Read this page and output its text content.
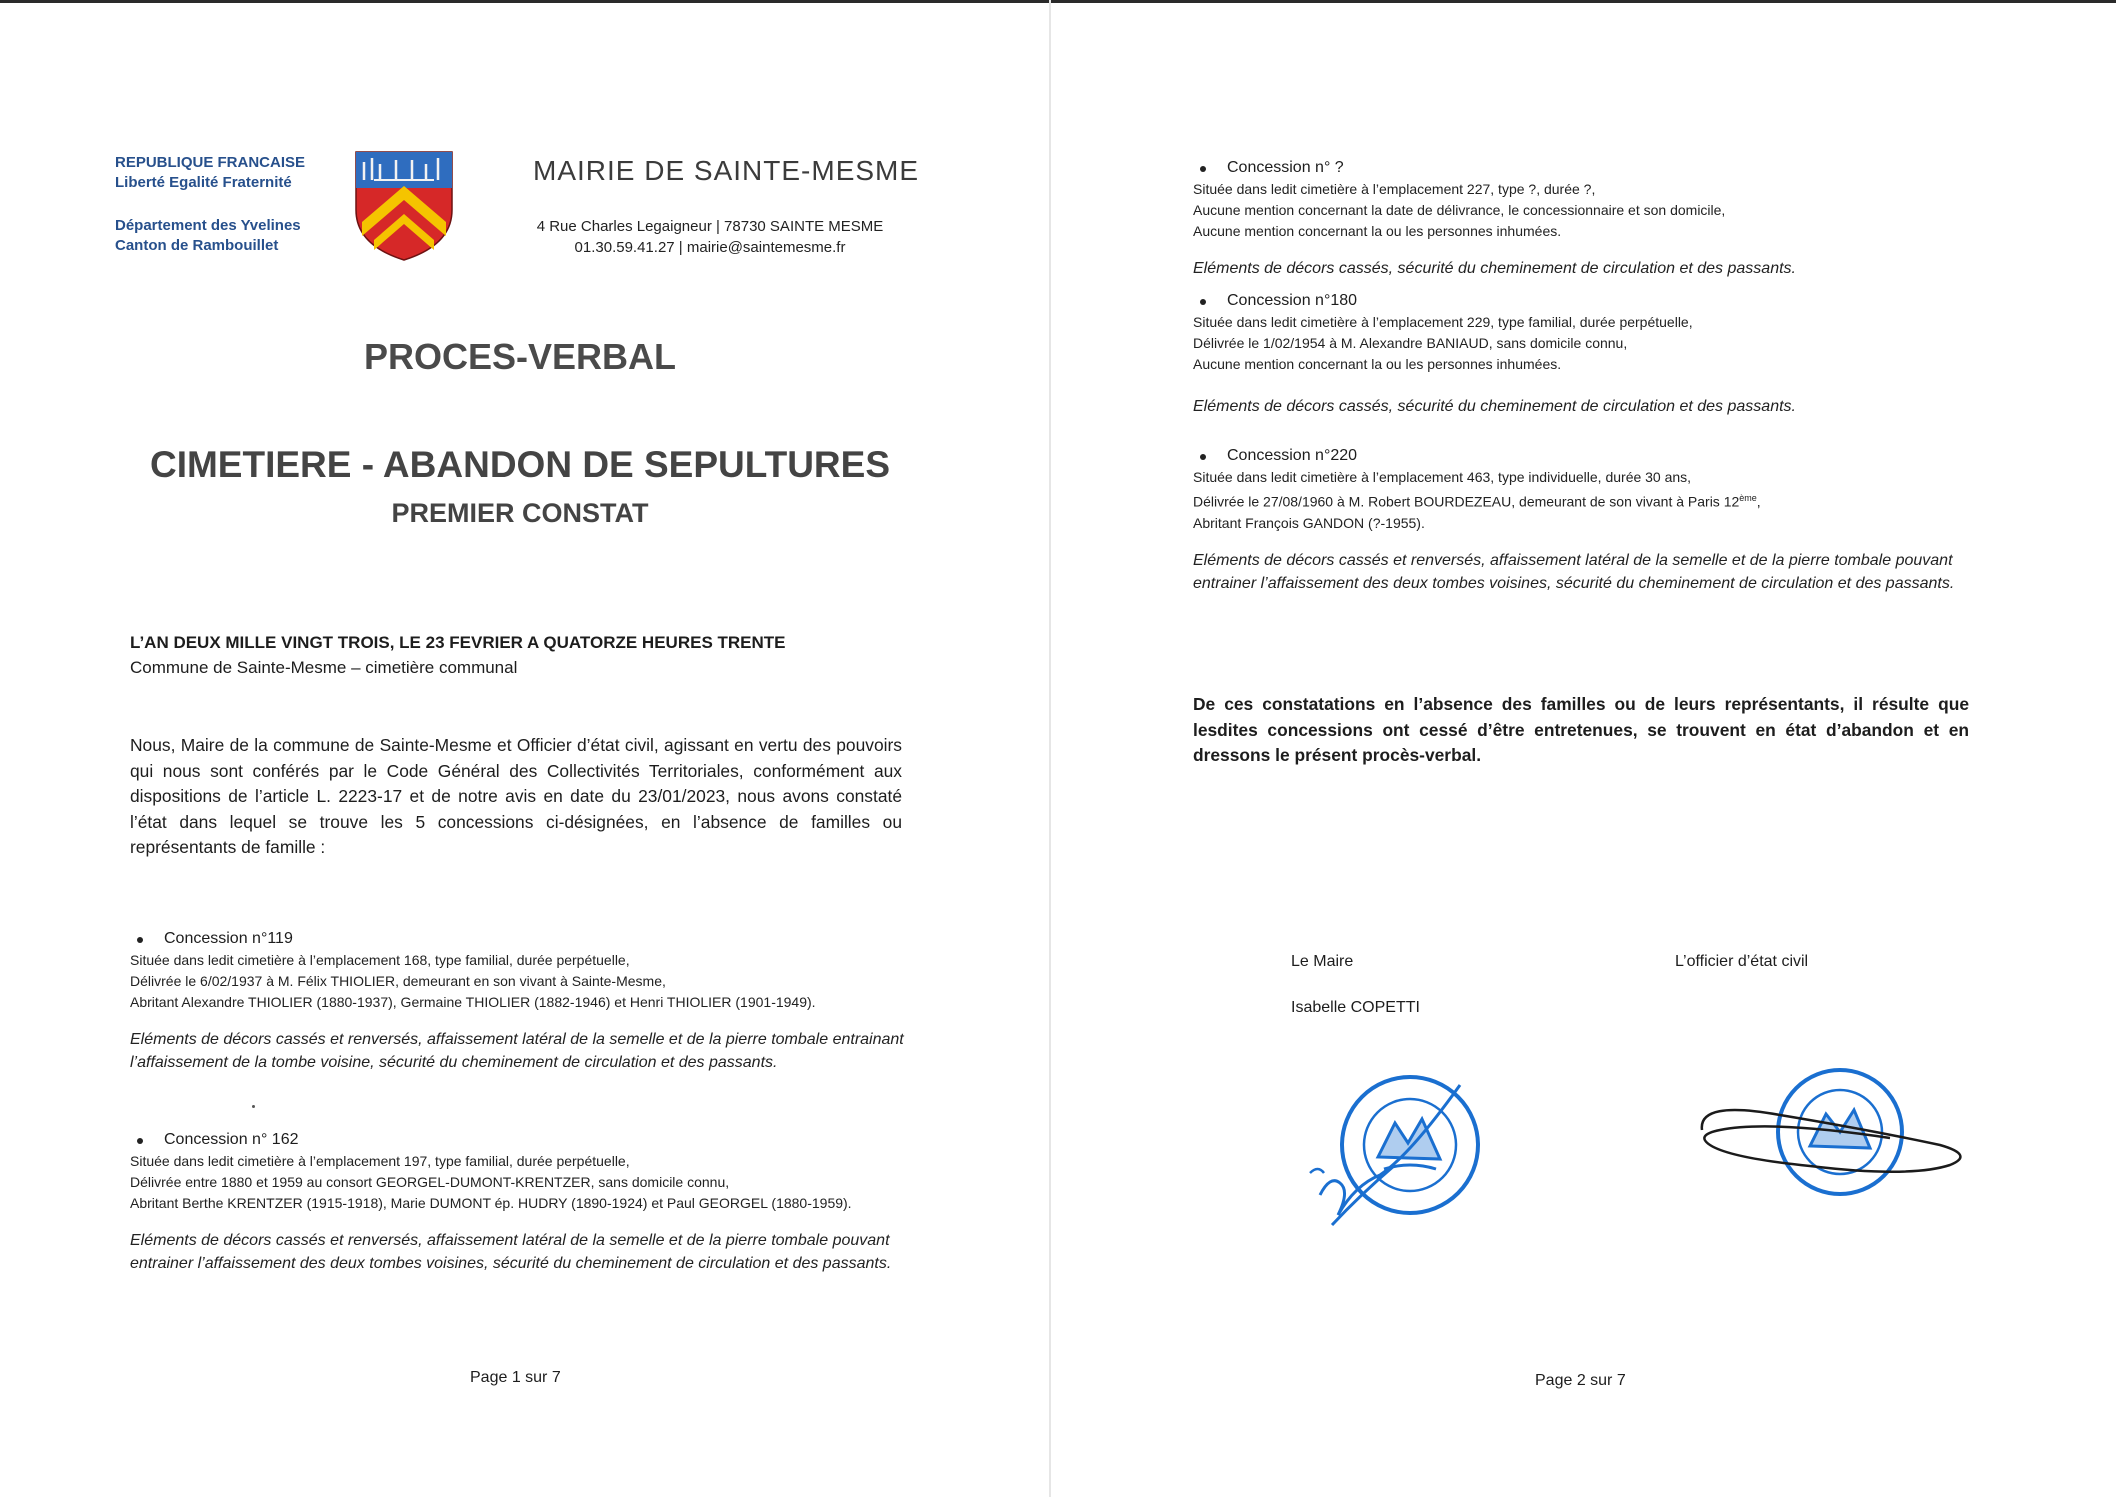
REPUBLIQUE FRANCAISE
Liberté Egalité Fraternité
Département des Yvelines
Canton de Rambouillet
MAIRIE DE SAINTE-MESME
4 Rue Charles Legaigneur | 78730 SAINTE MESME
01.30.59.41.27 | mairie@saintemesme.fr
PROCES-VERBAL
CIMETIERE - ABANDON DE SEPULTURES
PREMIER CONSTAT
L’AN DEUX MILLE VINGT TROIS, LE 23 FEVRIER A QUATORZE HEURES TRENTE
Commune de Sainte-Mesme – cimetière communal
Nous, Maire de la commune de Sainte-Mesme et Officier d’état civil, agissant en vertu des pouvoirs qui nous sont conférés par le Code Général des Collectivités Territoriales, conformément aux dispositions de l’article L. 2223-17 et de notre avis en date du 23/01/2023, nous avons constaté l’état dans lequel se trouve les 5 concessions ci-désignées, en l’absence de familles ou représentants de famille :
Concession n°119
Située dans ledit cimetière à l’emplacement 168, type familial, durée perpétuelle,
Délivrée le 6/02/1937 à M. Félix THIOLIER, demeurant en son vivant à Sainte-Mesme,
Abritant Alexandre THIOLIER (1880-1937), Germaine THIOLIER (1882-1946) et Henri THIOLIER (1901-1949).
Eléments de décors cassés et renversés, affaissement latéral de la semelle et de la pierre tombale entrainant l’affaissement de la tombe voisine, sécurité du cheminement de circulation et des passants.
Concession n° 162
Située dans ledit cimetière à l’emplacement 197, type familial, durée perpétuelle,
Délivrée entre 1880 et 1959 au consort GEORGEL-DUMONT-KRENTZER, sans domicile connu,
Abritant Berthe KRENTZER (1915-1918), Marie DUMONT ép. HUDRY (1890-1924) et Paul GEORGEL (1880-1959).
Eléments de décors cassés et renversés, affaissement latéral de la semelle et de la pierre tombale pouvant entrainer l’affaissement des deux tombes voisines, sécurité du cheminement de circulation et des passants.
Page 1 sur 7
Concession n° ?
Située dans ledit cimetière à l’emplacement 227, type ?, durée ?,
Aucune mention concernant la date de délivrance, le concessionnaire et son domicile,
Aucune mention concernant la ou les personnes inhumées.
Eléments de décors cassés, sécurité du cheminement de circulation et des passants.
Concession n°180
Située dans ledit cimetière à l’emplacement 229, type familial, durée perpétuelle,
Délivrée le 1/02/1954 à M. Alexandre BANIAUD, sans domicile connu,
Aucune mention concernant la ou les personnes inhumées.
Eléments de décors cassés, sécurité du cheminement de circulation et des passants.
Concession n°220
Située dans ledit cimetière à l’emplacement 463, type individuelle, durée 30 ans,
Délivrée le 27/08/1960 à M. Robert BOURDEZEAU, demeurant de son vivant à Paris 12ème,
Abritant François GANDON (?-1955).
Eléments de décors cassés et renversés, affaissement latéral de la semelle et de la pierre tombale pouvant entrainer l’affaissement des deux tombes voisines, sécurité du cheminement de circulation et des passants.
De ces constatations en l’absence des familles ou de leurs représentants, il résulte que lesdites concessions ont cessé d’être entretenues, se trouvent en état d’abandon et en dressons le présent procès-verbal.
Le Maire
Isabelle COPETTI
L’officier d’état civil
Page 2 sur 7
